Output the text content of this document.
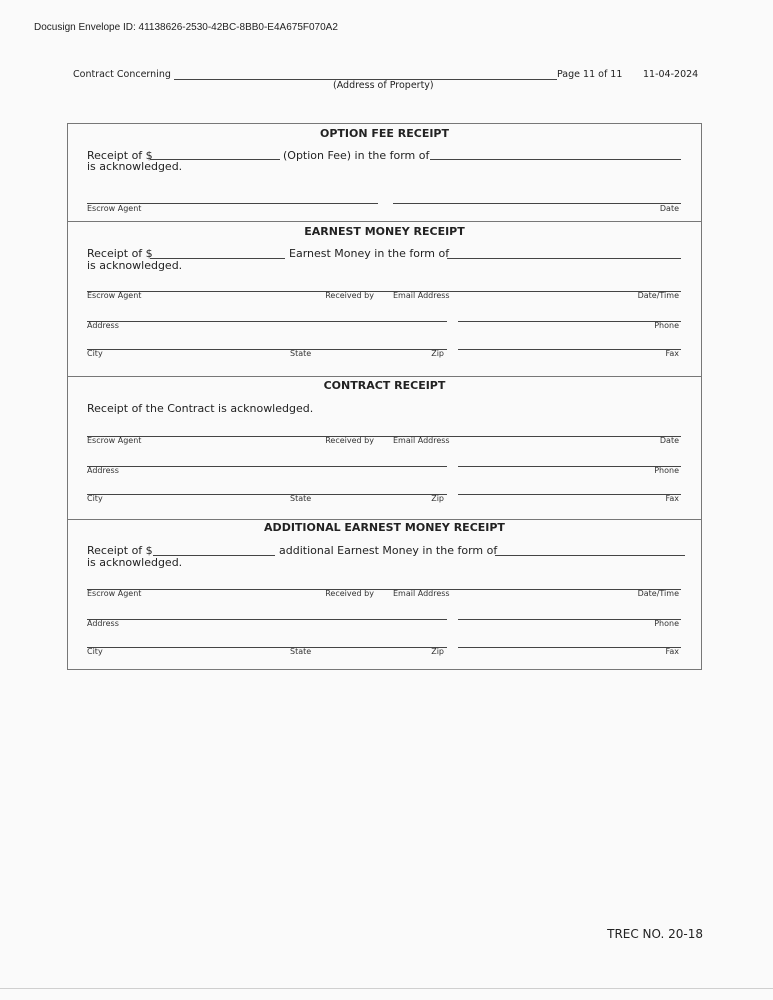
Docusign Envelope ID: 41138626-2530-42BC-8BB0-E4A675F070A2
Contract Concerning
(Address of Property)
Page 11 of 11 11-04-2024
OPTION FEE RECEIPT
Receipt of $	(Option Fee) in the form of
is acknowledged.
Escrow Agent	Date
EARNEST MONEY RECEIPT
Receipt of $	Earnest Money in the form of
is acknowledged.
Escrow Agent	Received by Email Address	Date/Time
Address	Phone
City	State	Zip	Fax
CONTRACT RECEIPT
Receipt of the Contract is acknowledged.
Escrow Agent	Received by Email Address	Date
Address	Phone
City	State	Zip	Fax
ADDITIONAL EARNEST MONEY RECEIPT
Receipt of $	additional Earnest Money in the form of
is acknowledged.
Escrow Agent	Received by Email Address	Date/Time
Address	Phone
City	State	Zip	Fax
TREC NO. 20-18
